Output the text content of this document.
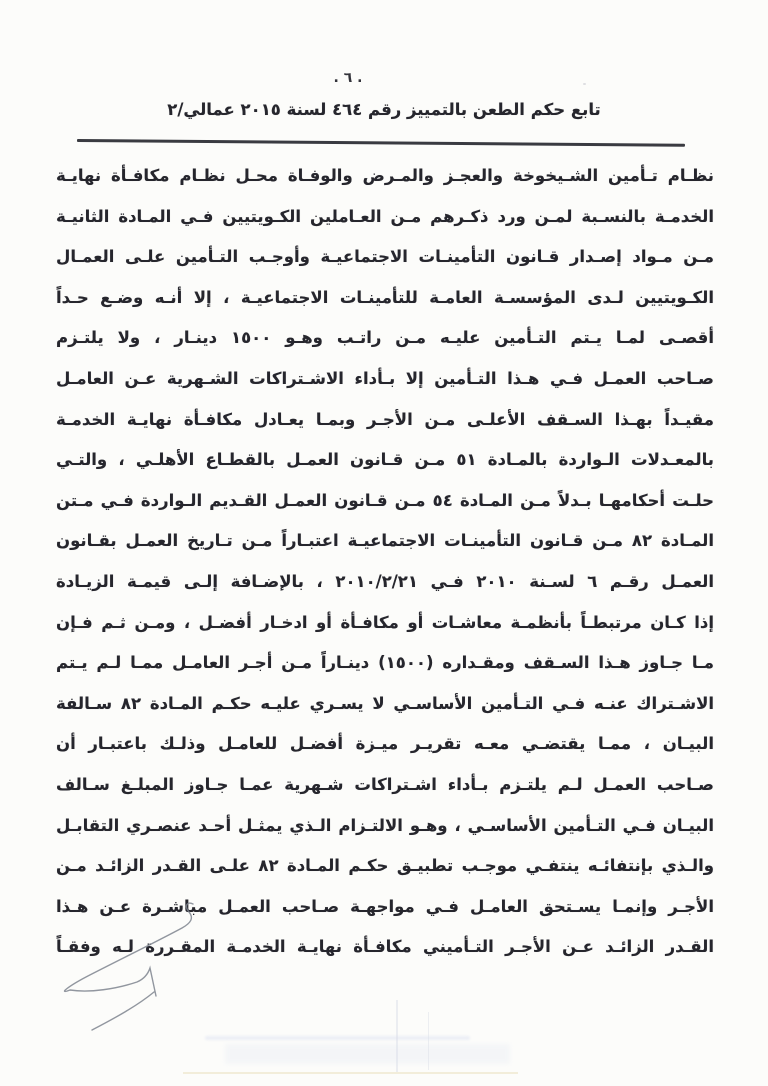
. ٦ .
تابع حكم الطعن بالتمييز رقم ٤٦٤ لسنة ٢٠١٥ عمالي/٢
نظـام تـأمين الشـيخوخة والعجـز والمـرض والوفـاة محـل نظـام مكافـأة نهايـة
الخدمـة بالنسـبة لمـن ورد ذكـرهم مـن العـاملين الكـويتيين فـي المـادة الثانيـة
مـن مـواد إصـدار قـانون التأمينـات الاجتماعيـة وأوجـب التـأمين علـى العمـال
الكـويتيين لـدى المؤسسـة العامـة للتأمينـات الاجتماعيـة ، إلا أنـه وضـع حـداً
أقصـى لمـا يـتم التـأمين عليـه مـن راتـب وهـو ١٥٠٠ دينـار ، ولا يلتـزم
صـاحب العمـل فـي هـذا التـأمين إلا بـأداء الاشـتراكات الشـهرية عـن العامـل
مقيـداً بهـذا السـقف الأعلـى مـن الأجـر وبمـا يعـادل مكافـأة نهايـة الخدمـة
بالمعـدلات الـواردة بالمـادة ٥١ مـن قـانون العمـل بالقطـاع الأهلـي ، والتـي
حلـت أحكامهـا بـدلاً مـن المـادة ٥٤ مـن قـانون العمـل القـديم الـواردة فـي مـتن
المـادة ٨٢ مـن قـانون التأمينـات الاجتماعيـة اعتبـاراً مـن تـاريخ العمـل بقـانون
العمـل رقـم ٦ لسـنة ٢٠١٠ فـي ٢٠١٠/٢/٢١ ، بالإضـافة إلـى قيمـة الزيـادة
إذا كـان مرتبطـاً بأنظمـة معاشـات أو مكافـأة أو ادخـار أفضـل ، ومـن ثـم فـإن
مـا جـاوز هـذا السـقف ومقـداره (١٥٠٠) دينـاراً مـن أجـر العامـل ممـا لـم يـتم
الاشـتراك عنـه فـي التـأمين الأساسـي لا يسـري عليـه حكـم المـادة ٨٢ سـالفة
البيـان ، ممـا يقتضـي معـه تقريـر ميـزة أفضـل للعامـل وذلـك باعتبـار أن
صـاحب العمـل لـم يلتـزم بـأداء اشـتراكات شـهرية عمـا جـاوز المبلـغ سـالف
البيـان فـي التـأمين الأساسـي ، وهـو الالتـزام الـذي يمثـل أحـد عنصـري التقابـل
والـذي بإنتفائـه ينتفـي موجـب تطبيـق حكـم المـادة ٨٢ علـى القـدر الزائـد مـن
الأجـر وإنمـا يسـتحق العامـل فـي مواجهـة صـاحب العمـل مباشـرة عـن هـذا
القـدر الزائـد عـن الأجـر التـأميني مكافـأة نهايـة الخدمـة المقـررة لـه وفقـاً
